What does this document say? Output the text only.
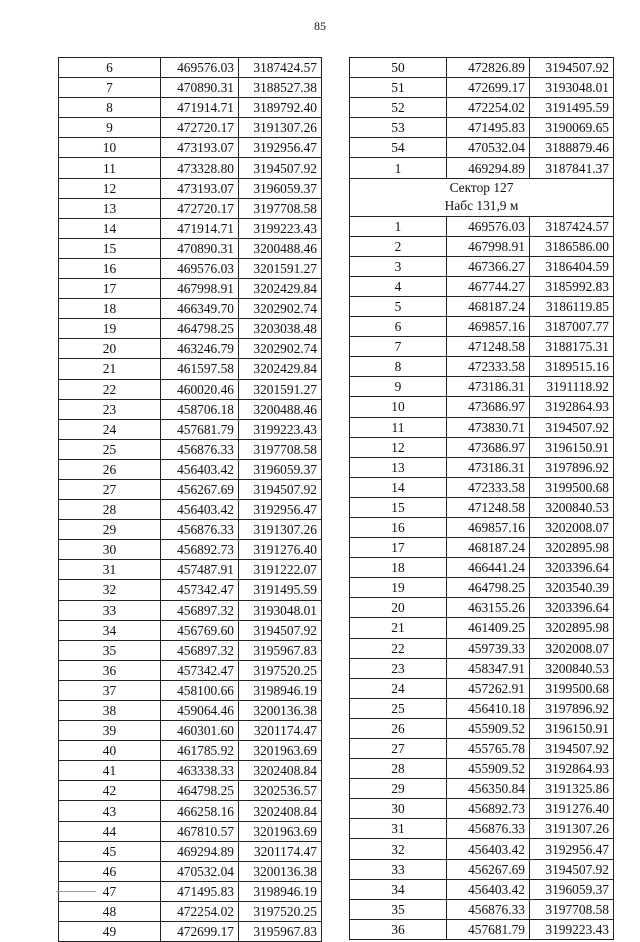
85
6	469576.03	3187424.57
7	470890.31	3188527.38
8	471914.71	3189792.40
9	472720.17	3191307.26
10	473193.07	3192956.47
11	473328.80	3194507.92
12	473193.07	3196059.37
13	472720.17	3197708.58
14	471914.71	3199223.43
15	470890.31	3200488.46
16	469576.03	3201591.27
17	467998.91	3202429.84
18	466349.70	3202902.74
19	464798.25	3203038.48
20	463246.79	3202902.74
21	461597.58	3202429.84
22	460020.46	3201591.27
23	458706.18	3200488.46
24	457681.79	3199223.43
25	456876.33	3197708.58
26	456403.42	3196059.37
27	456267.69	3194507.92
28	456403.42	3192956.47
29	456876.33	3191307.26
30	456892.73	3191276.40
31	457487.91	3191222.07
32	457342.47	3191495.59
33	456897.32	3193048.01
34	456769.60	3194507.92
35	456897.32	3195967.83
36	457342.47	3197520.25
37	458100.66	3198946.19
38	459064.46	3200136.38
39	460301.60	3201174.47
40	461785.92	3201963.69
41	463338.33	3202408.84
42	464798.25	3202536.57
43	466258.16	3202408.84
44	467810.57	3201963.69
45	469294.89	3201174.47
46	470532.04	3200136.38
47	471495.83	3198946.19
48	472254.02	3197520.25
49	472699.17	3195967.83
50	472826.89	3194507.92
51	472699.17	3193048.01
52	472254.02	3191495.59
53	471495.83	3190069.65
54	470532.04	3188879.46
1	469294.89	3187841.37

Сектор 127
Набс 131,9 м		

1	469576.03	3187424.57
2	467998.91	3186586.00
3	467366.27	3186404.59
4	467744.27	3185992.83
5	468187.24	3186119.85
6	469857.16	3187007.77
7	471248.58	3188175.31
8	472333.58	3189515.16
9	473186.31	3191118.92
10	473686.97	3192864.93
11	473830.71	3194507.92
12	473686.97	3196150.91
13	473186.31	3197896.92
14	472333.58	3199500.68
15	471248.58	3200840.53
16	469857.16	3202008.07
17	468187.24	3202895.98
18	466441.24	3203396.64
19	464798.25	3203540.39
20	463155.26	3203396.64
21	461409.25	3202895.98
22	459739.33	3202008.07
23	458347.91	3200840.53
24	457262.91	3199500.68
25	456410.18	3197896.92
26	455909.52	3196150.91
27	455765.78	3194507.92
28	455909.52	3192864.93
29	456350.84	3191325.86
30	456892.73	3191276.40
31	456876.33	3191307.26
32	456403.42	3192956.47
33	456267.69	3194507.92
34	456403.42	3196059.37
35	456876.33	3197708.58
36	457681.79	3199223.43
